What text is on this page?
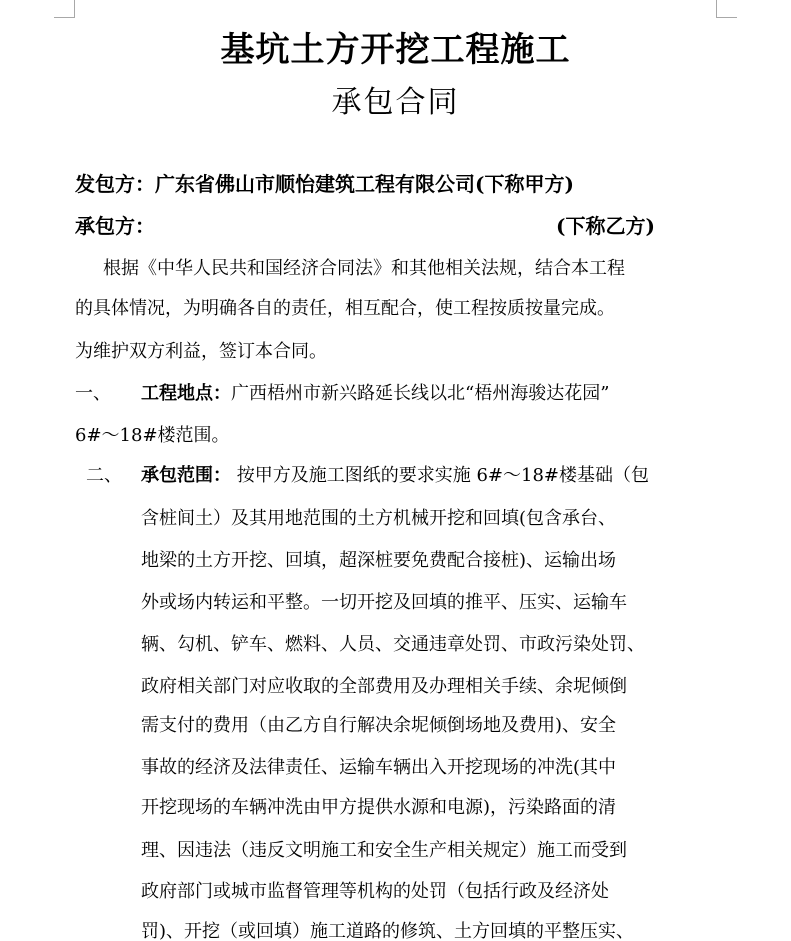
基坑土方开挖工程施工
承包合同
发包方：广东省佛山市顺怡建筑工程有限公司(下称甲方)
承包方：	(下称乙方)
根据《中华人民共和国经济合同法》和其他相关法规，结合本工程
的具体情况，为明确各自的责任，相互配合，使工程按质按量完成。
为维护双方利益，签订本合同。
一、 工程地点：广西梧州市新兴路延长线以北“梧州海骏达花园”
6#～18#楼范围。
二、 承包范围： 按甲方及施工图纸的要求实施 6#～18#楼基础（包
含桩间土）及其用地范围的土方机械开挖和回填(包含承台、
地梁的土方开挖、回填，超深桩要免费配合接桩)、运输出场
外或场内转运和平整。一切开挖及回填的推平、压实、运输车
辆、勾机、铲车、燃料、人员、交通违章处罚、市政污染处罚、
政府相关部门对应收取的全部费用及办理相关手续、余坭倾倒
需支付的费用（由乙方自行解决余坭倾倒场地及费用)、安全
事故的经济及法律责任、运输车辆出入开挖现场的冲洗(其中
开挖现场的车辆冲洗由甲方提供水源和电源)，污染路面的清
理、因违法（违反文明施工和安全生产相关规定）施工而受到
政府部门或城市监督管理等机构的处罚（包括行政及经济处
罚)、开挖（或回填）施工道路的修筑、土方回填的平整压实、
